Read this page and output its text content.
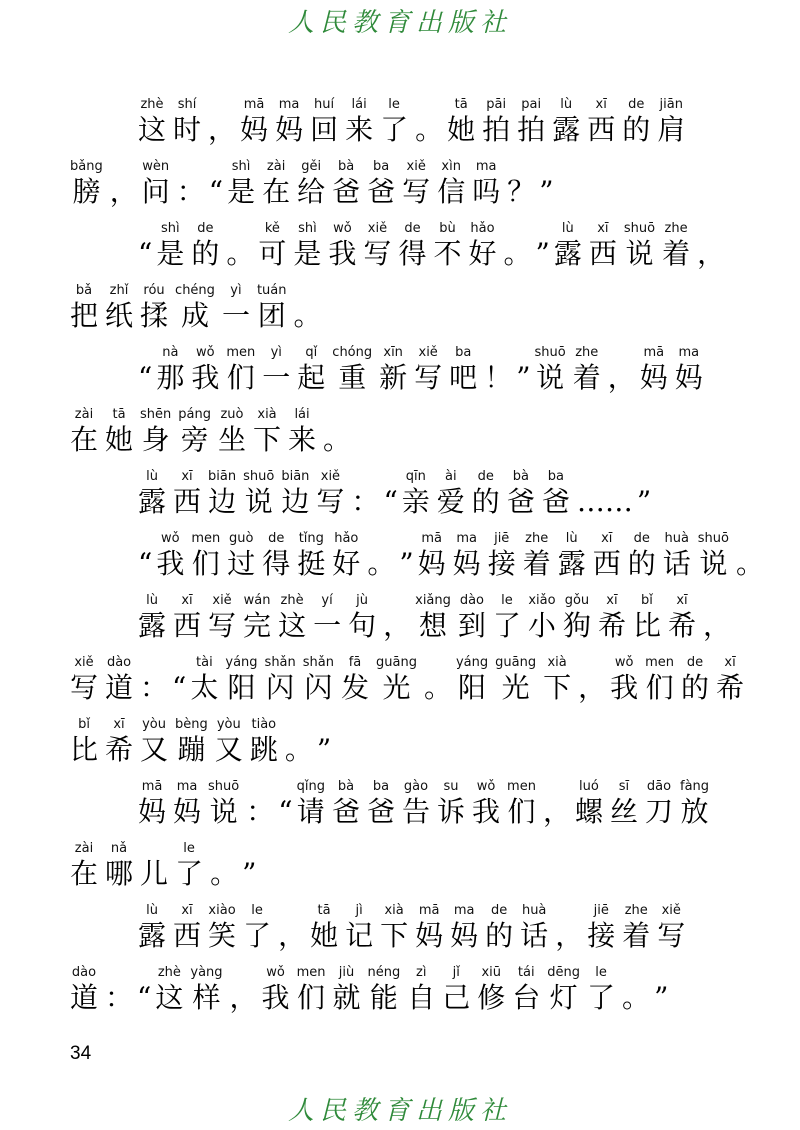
人民教育出版社
zhè
这
shí
时 ，
mā
妈
ma
妈
huí
回
lái
来
le
了 。
tā
她
pāi
拍
pai
拍
lù
露
xī
西
de
的
jiān
肩
bǎng
膀 ，
wèn
问 ： “
shì
是
zài
在
gěi
给
bà
爸
ba
爸
xiě
写
xìn
信
ma
吗 ？ ”
“
shì
是
de
的 。
kě
可
shì
是
wǒ
我
xiě
写
de
得
bù
不
hǎo
好 。 ”
lù
露
xī
西
shuō
说
zhe
着 ，
bǎ
把
zhǐ
纸
róu
揉
chéng
成
yì
一
tuán
团 。
“
nà
那
wǒ
我
men
们
yì
一
qǐ
起
chóng
重
xīn
新
xiě
写
ba
吧 ！ ”
shuō
说
zhe
着 ，
mā
妈
ma
妈
zài
在
tā
她
shēn
身
páng
旁
zuò
坐
xià
下
lái
来 。
lù
露
xī
西
biān
边
shuō
说
biān
边
xiě
写 ： “
qīn
亲
ài
爱
de
的
bà
爸
ba
爸 …… ”
“
wǒ
我
men
们
guò
过
de
得
tǐng
挺
hǎo
好 。 ”
mā
妈
ma
妈
jiē
接
zhe
着
lù
露
xī
西
de
的
huà
话
shuō
说 。
lù
露
xī
西
xiě
写
wán
完
zhè
这
yí
一
jù
句 ，
xiǎng
想
dào
到
le
了
xiǎo
小
gǒu
狗
xī
希
bǐ
比
xī
希 ，
xiě
写
dào
道 ： “
tài
太
yáng
阳
shǎn
闪
shǎn
闪
fā
发
guāng
光 。
yáng
阳
guāng
光
xià
下 ，
wǒ
我
men
们
de
的
xī
希
bǐ
比
xī
希
yòu
又
bèng
蹦
yòu
又
tiào
跳 。 ”
mā
妈
ma
妈
shuō
说 ： “
qǐng
请
bà
爸
ba
爸
gào
告
su
诉
wǒ
我
men
们 ，
luó
螺
sī
丝
dāo
刀
fàng
放
zài
在
nǎ
哪
儿
le
了 。 ”
lù
露
xī
西
xiào
笑
le
了 ，
tā
她
jì
记
xià
下
mā
妈
ma
妈
de
的
huà
话 ，
jiē
接
zhe
着
xiě
写
dào
道 ： “
zhè
这
yàng
样 ，
wǒ
我
men
们
jiù
就
néng
能
zì
自
jǐ
己
xiū
修
tái
台
dēng
灯
le
了 。 ”
34
人民教育出版社
